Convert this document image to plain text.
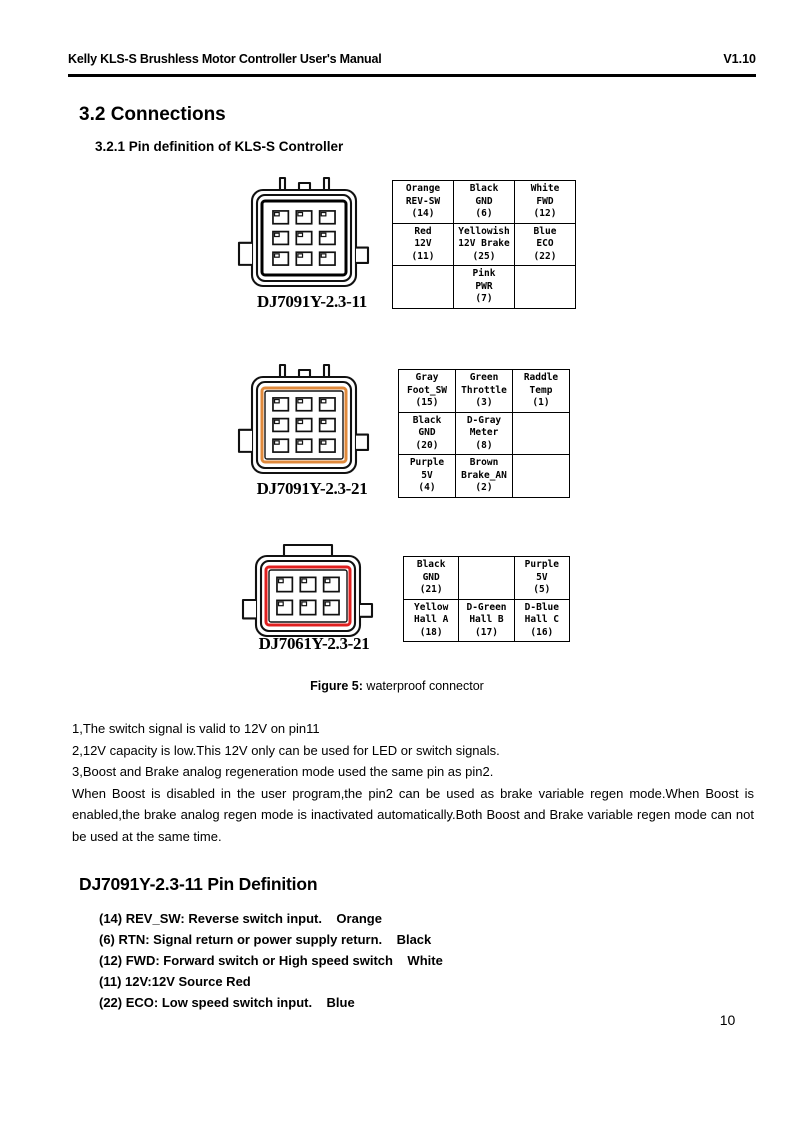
Kelly KLS-S Brushless Motor Controller User's Manual	V1.10
3.2 Connections
3.2.1 Pin definition of KLS-S Controller
DJ7091Y-2.3-11
DJ7091Y-2.3-21
DJ7061Y-2.3-21
Orange
REV-SW
(14)	Black
GND
(6)	White
FWD
(12)

Red
12V
(11)	Yellowish
12V Brake
(25)	Blue
ECO
(22)

	Pink
PWR
(7)	

Gray
Foot_SW
(15)	Green
Throttle
(3)	Raddle
Temp
(1)

Black
GND
(20)	D-Gray
Meter
(8)	

Purple
5V
(4)	Brown
Brake_AN
(2)	

Black
GND
(21)		Purple
5V
(5)

Yellow
Hall A
(18)	D-Green
Hall B
(17)	D-Blue
Hall C
(16)
Figure 5: waterproof connector
1,The switch signal is valid to 12V on pin11
2,12V capacity is low.This 12V only can be used for LED or switch signals.
3,Boost and Brake analog regeneration mode used the same pin as pin2.
When Boost is disabled in the user program,the pin2 can be used as brake variable regen mode.When Boost is enabled,the brake analog regen mode is inactivated automatically.Both Boost and Brake variable regen mode can not be used at the same time.
DJ7091Y-2.3-11 Pin Definition
(14) REV_SW: Reverse switch input.    Orange
(6) RTN: Signal return or power supply return.    Black
(12) FWD: Forward switch or High speed switch    White
(11) 12V:12V Source Red
(22) ECO: Low speed switch input.    Blue
10
